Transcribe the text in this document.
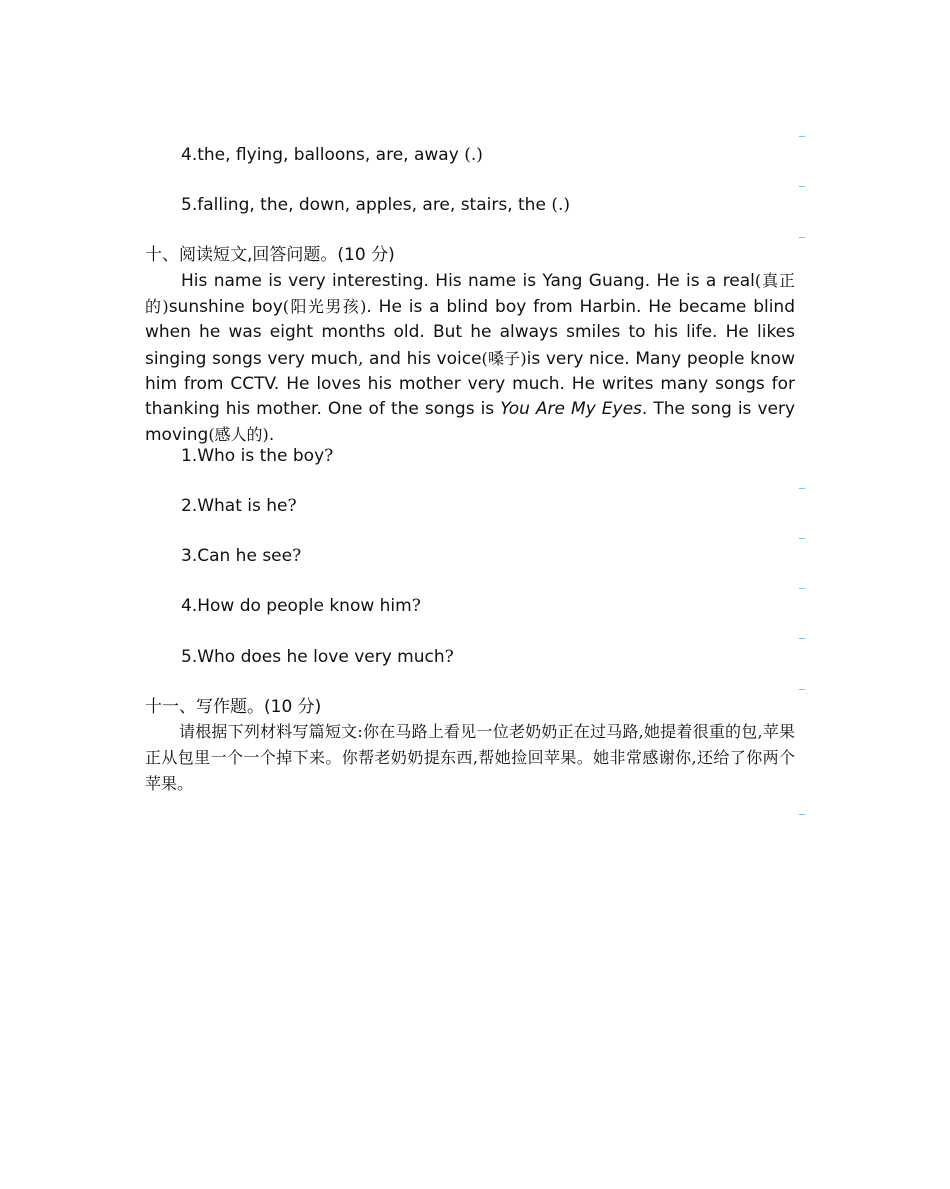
4.the, flying, balloons, are, away (.)
5.falling, the, down, apples, are, stairs, the (.)
十、阅读短文,回答问题。(10 分)
His name is very interesting. His name is Yang Guang. He is a real(真正的)sunshine boy(阳光男孩). He is a blind boy from Harbin. He became blind when he was eight months old. But he always smiles to his life. He likes singing songs very much, and his voice(嗓子)is very nice. Many people know him from CCTV. He loves his mother very much. He writes many songs for thanking his mother. One of the songs is You Are My Eyes. The song is very moving(感人的).
1.Who is the boy?
2.What is he?
3.Can he see?
4.How do people know him?
5.Who does he love very much?
十一、写作题。(10 分)
请根据下列材料写篇短文:你在马路上看见一位老奶奶正在过马路,她提着很重的包,苹果正从包里一个一个掉下来。你帮老奶奶提东西,帮她捡回苹果。她非常感谢你,还给了你两个苹果。
